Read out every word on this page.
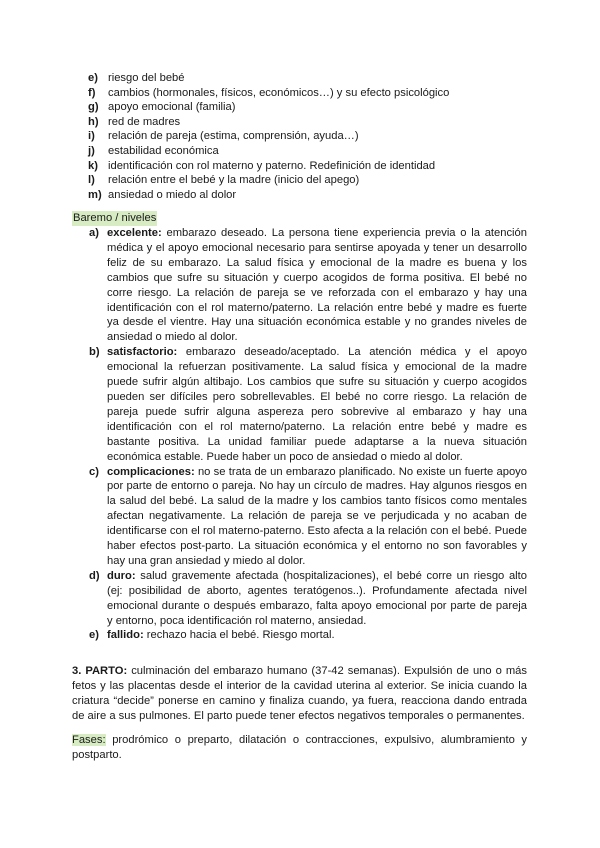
e) riesgo del bebé
f) cambios (hormonales, físicos, económicos…) y su efecto psicológico
g) apoyo emocional (familia)
h) red de madres
i) relación de pareja (estima, comprensión, ayuda…)
j) estabilidad económica
k) identificación con rol materno y paterno. Redefinición de identidad
l) relación entre el bebé y la madre (inicio del apego)
m) ansiedad o miedo al dolor
Baremo / niveles
a) excelente: embarazo deseado. La persona tiene experiencia previa o la atención médica y el apoyo emocional necesario para sentirse apoyada y tener un desarrollo feliz de su embarazo. La salud física y emocional de la madre es buena y los cambios que sufre su situación y cuerpo acogidos de forma positiva. El bebé no corre riesgo. La relación de pareja se ve reforzada con el embarazo y hay una identificación con el rol materno/paterno. La relación entre bebé y madre es fuerte ya desde el vientre. Hay una situación económica estable y no grandes niveles de ansiedad o miedo al dolor.
b) satisfactorio: embarazo deseado/aceptado. La atención médica y el apoyo emocional la refuerzan positivamente. La salud física y emocional de la madre puede sufrir algún altibajo. Los cambios que sufre su situación y cuerpo acogidos pueden ser difíciles pero sobrellevables. El bebé no corre riesgo. La relación de pareja puede sufrir alguna aspereza pero sobrevive al embarazo y hay una identificación con el rol materno/paterno. La relación entre bebé y madre es bastante positiva. La unidad familiar puede adaptarse a la nueva situación económica estable. Puede haber un poco de ansiedad o miedo al dolor.
c) complicaciones: no se trata de un embarazo planificado. No existe un fuerte apoyo por parte de entorno o pareja. No hay un círculo de madres. Hay algunos riesgos en la salud del bebé. La salud de la madre y los cambios tanto físicos como mentales afectan negativamente. La relación de pareja se ve perjudicada y no acaban de identificarse con el rol materno-paterno. Esto afecta a la relación con el bebé. Puede haber efectos post-parto. La situación económica y el entorno no son favorables y hay una gran ansiedad y miedo al dolor.
d) duro: salud gravemente afectada (hospitalizaciones), el bebé corre un riesgo alto (ej: posibilidad de aborto, agentes teratógenos..). Profundamente afectada nivel emocional durante o después embarazo, falta apoyo emocional por parte de pareja y entorno, poca identificación rol materno, ansiedad.
e) fallido: rechazo hacia el bebé. Riesgo mortal.

3. PARTO: culminación del embarazo humano (37-42 semanas). Expulsión de uno o más fetos y las placentas desde el interior de la cavidad uterina al exterior. Se inicia cuando la criatura “decide” ponerse en camino y finaliza cuando, ya fuera, reacciona dando entrada de aire a sus pulmones. El parto puede tener efectos negativos temporales o permanentes.

Fases: prodrómico o preparto, dilatación o contracciones, expulsivo, alumbramiento y postparto.
